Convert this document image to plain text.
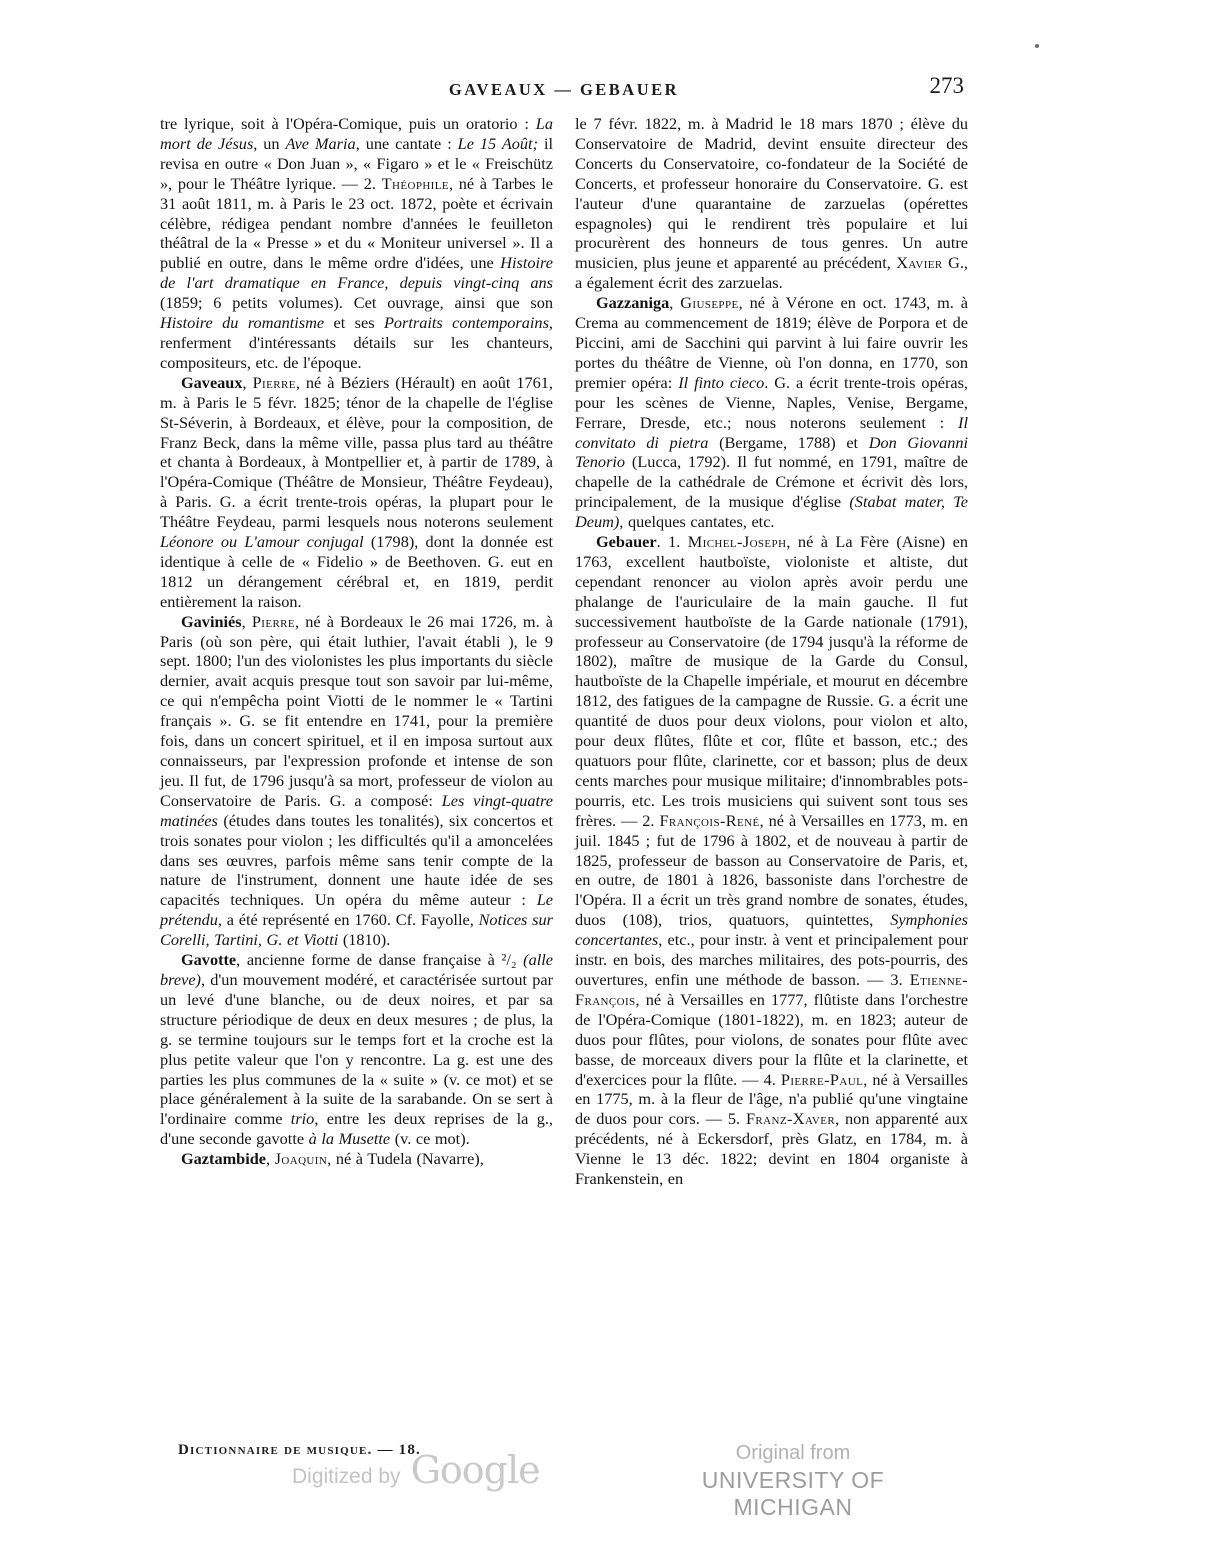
GAVEAUX — GEBAUER	273

tre lyrique, soit à l'Opéra-Comique, puis un oratorio : La mort de Jésus, un Ave Maria, une cantate : Le 15 Août; il revisa en outre « Don Juan », « Figaro » et le « Freischütz », pour le Théâtre lyrique. — 2. Théophile, né à Tarbes le 31 août 1811, m. à Paris le 23 oct. 1872, poète et écrivain célèbre, rédigea pendant nombre d'années le feuilleton théâtral de la « Presse » et du « Moniteur universel ». Il a publié en outre, dans le même ordre d'idées, une Histoire de l'art dramatique en France, depuis vingt-cinq ans (1859; 6 petits volumes). Cet ouvrage, ainsi que son Histoire du romantisme et ses Portraits contemporains, renferment d'intéressants détails sur les chanteurs, compositeurs, etc. de l'époque.

Gaveaux, Pierre, né à Béziers (Hérault) en août 1761, m. à Paris le 5 févr. 1825; ténor de la chapelle de l'église St-Séverin, à Bordeaux, et élève, pour la composition, de Franz Beck, dans la même ville, passa plus tard au théâtre et chanta à Bordeaux, à Montpellier et, à partir de 1789, à l'Opéra-Comique (Théâtre de Monsieur, Théâtre Feydeau), à Paris. G. a écrit trente-trois opéras, la plupart pour le Théâtre Feydeau, parmi lesquels nous noterons seulement Léonore ou L'amour conjugal (1798), dont la donnée est identique à celle de « Fidelio » de Beethoven. G. eut en 1812 un dérangement cérébral et, en 1819, perdit entièrement la raison.

Gaviniés, Pierre, né à Bordeaux le 26 mai 1726, m. à Paris (où son père, qui était luthier, l'avait établi ), le 9 sept. 1800; l'un des violonistes les plus importants du siècle dernier, avait acquis presque tout son savoir par lui-même, ce qui n'empêcha point Viotti de le nommer le « Tartini français ». G. se fit entendre en 1741, pour la première fois, dans un concert spirituel, et il en imposa surtout aux connaisseurs, par l'expression profonde et intense de son jeu. Il fut, de 1796 jusqu'à sa mort, professeur de violon au Conservatoire de Paris. G. a composé: Les vingt-quatre matinées (études dans toutes les tonalités), six concertos et trois sonates pour violon ; les difficultés qu'il a amoncelées dans ses œuvres, parfois même sans tenir compte de la nature de l'instrument, donnent une haute idée de ses capacités techniques. Un opéra du même auteur : Le prétendu, a été représenté en 1760. Cf. Fayolle, Notices sur Corelli, Tartini, G. et Viotti (1810).

Gavotte, ancienne forme de danse française à ²/₂ (alle breve), d'un mouvement modéré, et caractérisée surtout par un levé d'une blanche, ou de deux noires, et par sa structure périodique de deux en deux mesures ; de plus, la g. se termine toujours sur le temps fort et la croche est la plus petite valeur que l'on y rencontre. La g. est une des parties les plus communes de la « suite » (v. ce mot) et se place généralement à la suite de la sarabande. On se sert à l'ordinaire comme trio, entre les deux reprises de la g., d'une seconde gavotte à la Musette (v. ce mot).

Gaztambide, Joaquin, né à Tudela (Navarre),

le 7 févr. 1822, m. à Madrid le 18 mars 1870 ; élève du Conservatoire de Madrid, devint ensuite directeur des Concerts du Conservatoire, co-fondateur de la Société de Concerts, et professeur honoraire du Conservatoire. G. est l'auteur d'une quarantaine de zarzuelas (opérettes espagnoles) qui le rendirent très populaire et lui procurèrent des honneurs de tous genres. Un autre musicien, plus jeune et apparenté au précédent, Xavier G., a également écrit des zarzuelas.

Gazzaniga, Giuseppe, né à Vérone en oct. 1743, m. à Crema au commencement de 1819; élève de Porpora et de Piccini, ami de Sacchini qui parvint à lui faire ouvrir les portes du théâtre de Vienne, où l'on donna, en 1770, son premier opéra: Il finto cieco. G. a écrit trente-trois opéras, pour les scènes de Vienne, Naples, Venise, Bergame, Ferrare, Dresde, etc.; nous noterons seulement : Il convitato di pietra (Bergame, 1788) et Don Giovanni Tenorio (Lucca, 1792). Il fut nommé, en 1791, maître de chapelle de la cathédrale de Crémone et écrivit dès lors, principalement, de la musique d'église (Stabat mater, Te Deum), quelques cantates, etc.

Gebauer. 1. Michel-Joseph, né à La Fère (Aisne) en 1763, excellent hautboïste, violoniste et altiste, dut cependant renoncer au violon après avoir perdu une phalange de l'auriculaire de la main gauche. Il fut successivement hautboïste de la Garde nationale (1791), professeur au Conservatoire (de 1794 jusqu'à la réforme de 1802), maître de musique de la Garde du Consul, hautboïste de la Chapelle impériale, et mourut en décembre 1812, des fatigues de la campagne de Russie. G. a écrit une quantité de duos pour deux violons, pour violon et alto, pour deux flûtes, flûte et cor, flûte et basson, etc.; des quatuors pour flûte, clarinette, cor et basson; plus de deux cents marches pour musique militaire; d'innombrables pots-pourris, etc. Les trois musiciens qui suivent sont tous ses frères. — 2. François-René, né à Versailles en 1773, m. en juil. 1845 ; fut de 1796 à 1802, et de nouveau à partir de 1825, professeur de basson au Conservatoire de Paris, et, en outre, de 1801 à 1826, bassoniste dans l'orchestre de l'Opéra. Il a écrit un très grand nombre de sonates, études, duos (108), trios, quatuors, quintettes, Symphonies concertantes, etc., pour instr. à vent et principalement pour instr. en bois, des marches militaires, des pots-pourris, des ouvertures, enfin une méthode de basson. — 3. Etienne-François, né à Versailles en 1777, flûtiste dans l'orchestre de l'Opéra-Comique (1801-1822), m. en 1823; auteur de duos pour flûtes, pour violons, de sonates pour flûte avec basse, de morceaux divers pour la flûte et la clarinette, et d'exercices pour la flûte. — 4. Pierre-Paul, né à Versailles en 1775, m. à la fleur de l'âge, n'a publié qu'une vingtaine de duos pour cors. — 5. Franz-Xaver, non apparenté aux précédents, né à Eckersdorf, près Glatz, en 1784, m. à Vienne le 13 déc. 1822; devint en 1804 organiste à Frankenstein, en

Dictionnaire de musique. — 18.
Digitized by Google	Original from
UNIVERSITY OF MICHIGAN
